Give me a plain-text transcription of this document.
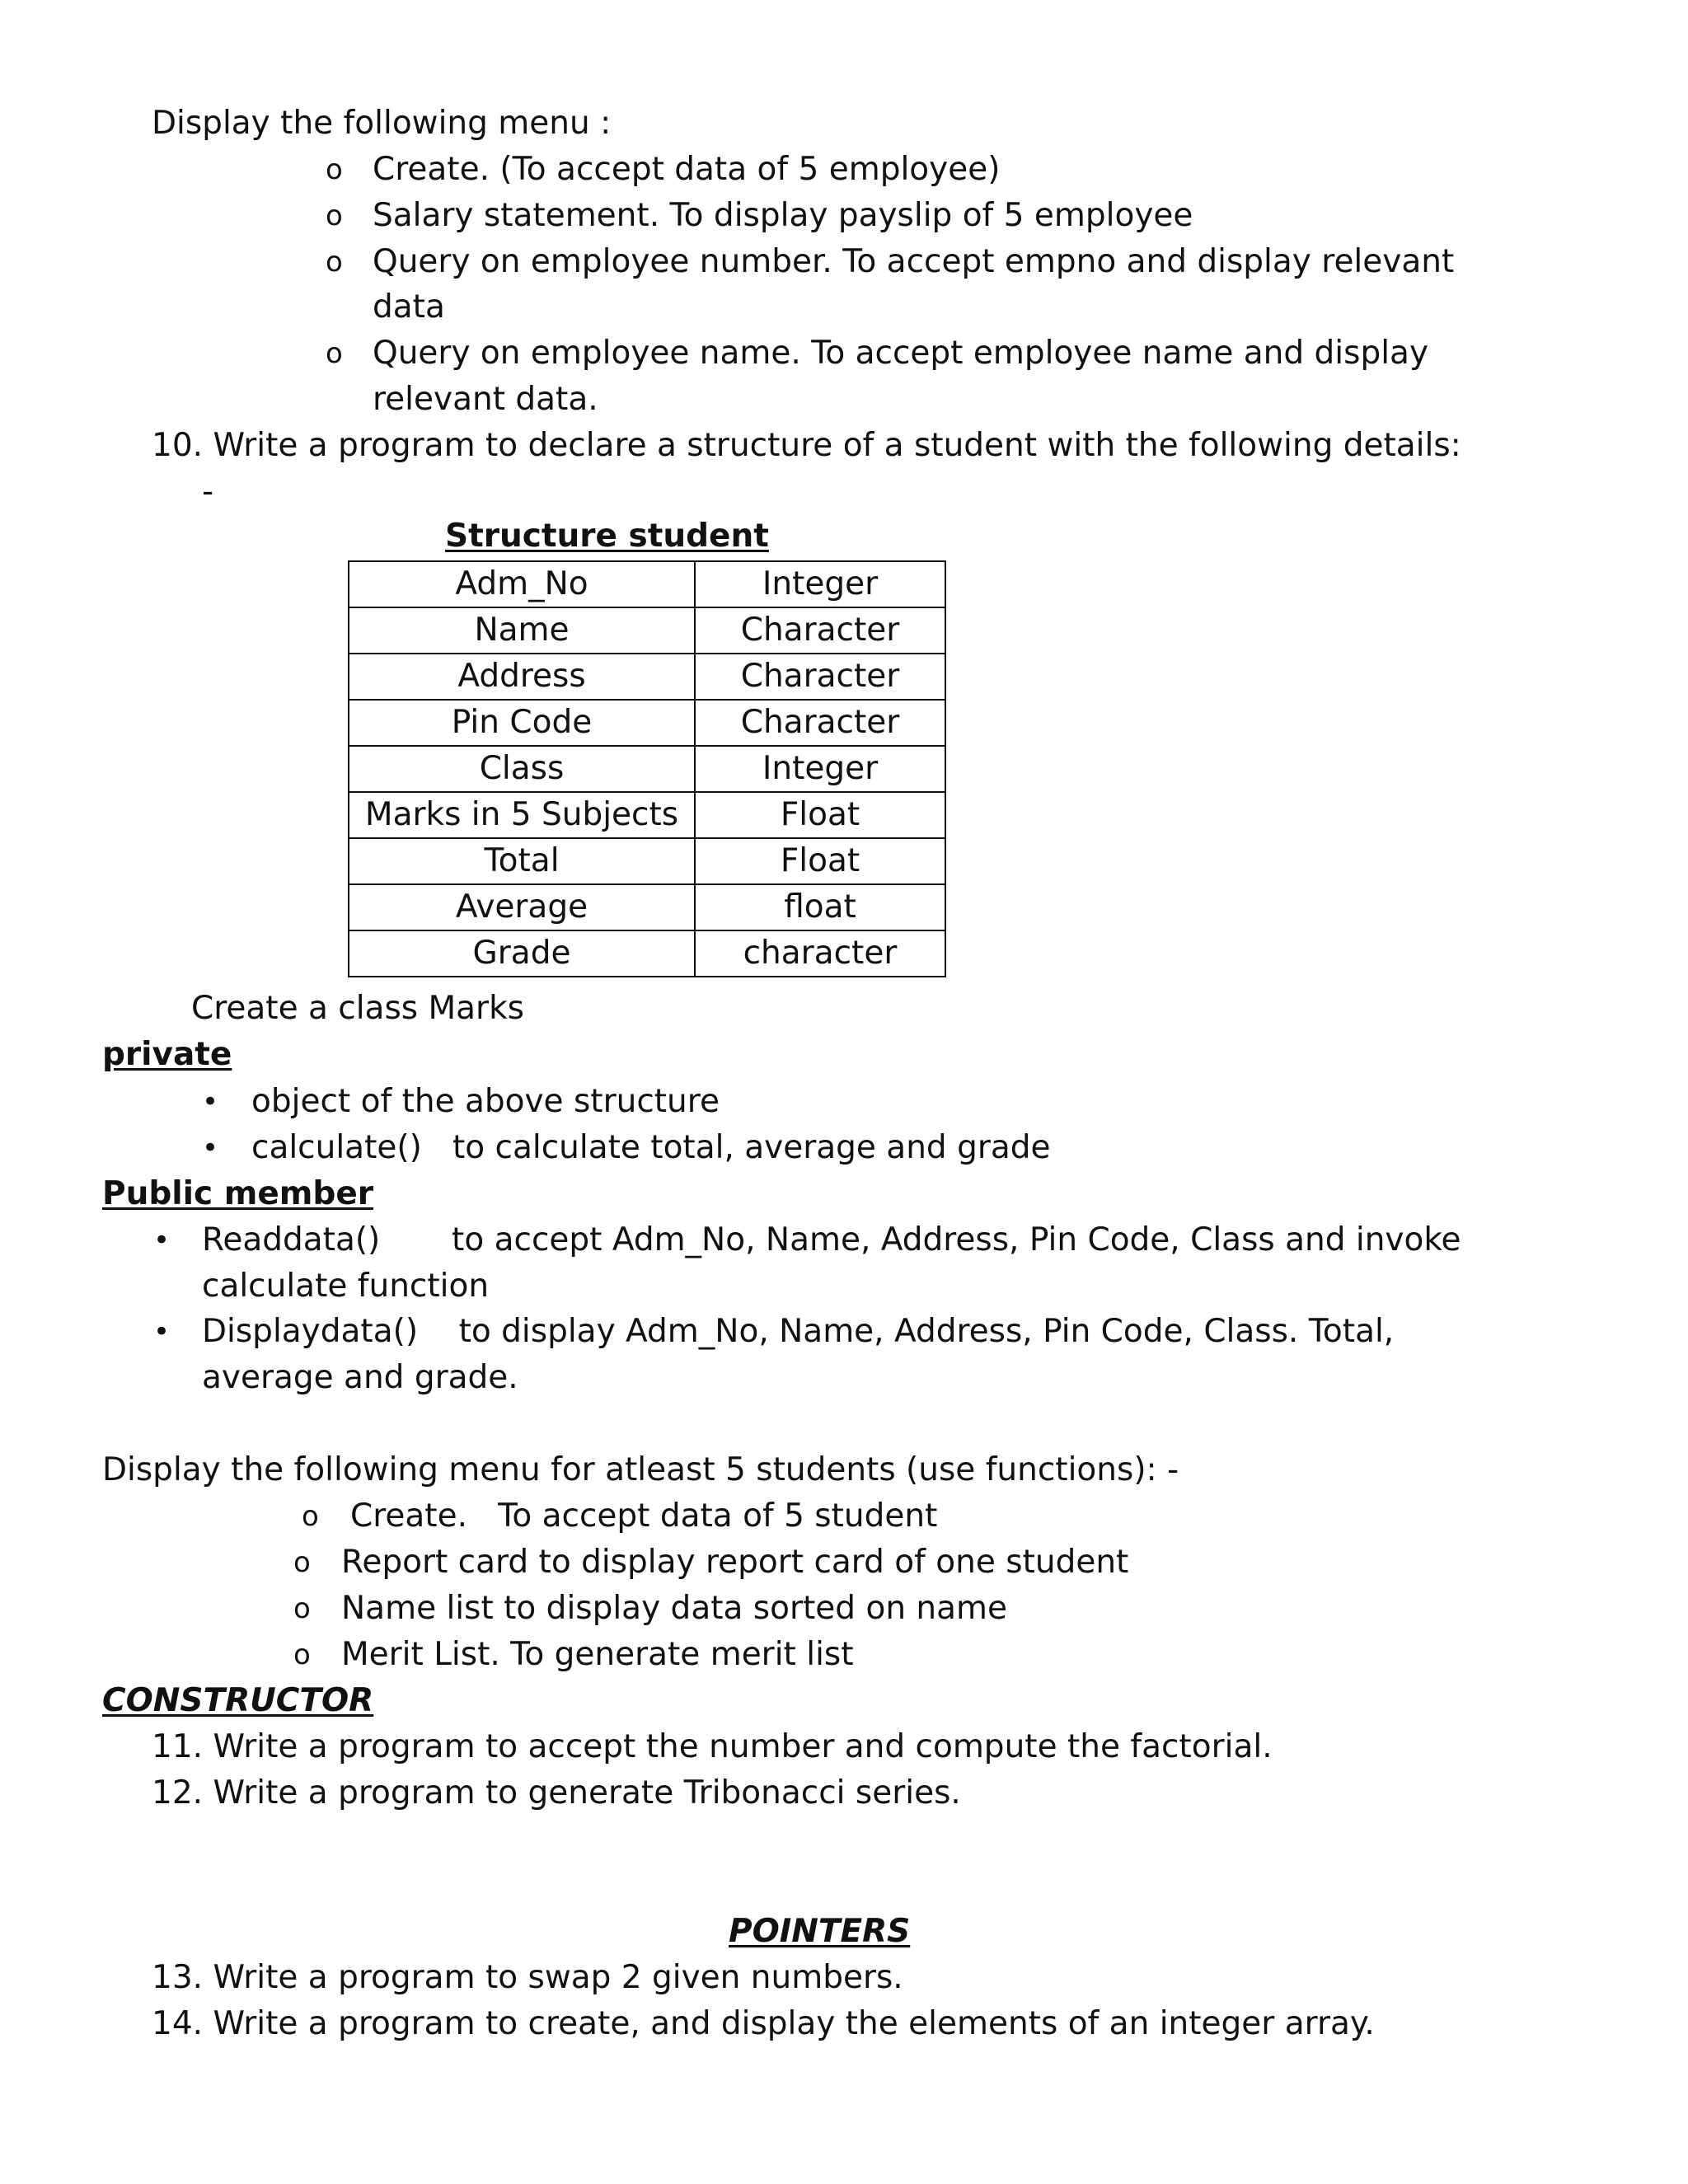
Display the following menu :
o Create. (To accept data of 5 employee)
o Salary statement. To display payslip of 5 employee
o Query on employee number. To accept empno and display relevant
data
o Query on employee name. To accept employee name and display
relevant data.
10. Write a program to declare a structure of a student with the following details:
-
Structure student
Adm_No	Integer
Name	Character
Address	Character
Pin Code	Character
Class	Integer
Marks in 5 Subjects	Float
Total	Float
Average	float
Grade	character
Create a class Marks
private
• object of the above structure
• calculate()   to calculate total, average and grade
Public member
• Readdata()       to accept Adm_No, Name, Address, Pin Code, Class and invoke
calculate function
• Displaydata()    to display Adm_No, Name, Address, Pin Code, Class. Total,
average and grade.
Display the following menu for atleast 5 students (use functions): -
o Create.   To accept data of 5 student
o Report card to display report card of one student
o Name list to display data sorted on name
o Merit List. To generate merit list
CONSTRUCTOR
11. Write a program to accept the number and compute the factorial.
12. Write a program to generate Tribonacci series.
POINTERS
13. Write a program to swap 2 given numbers.
14. Write a program to create, and display the elements of an integer array.
